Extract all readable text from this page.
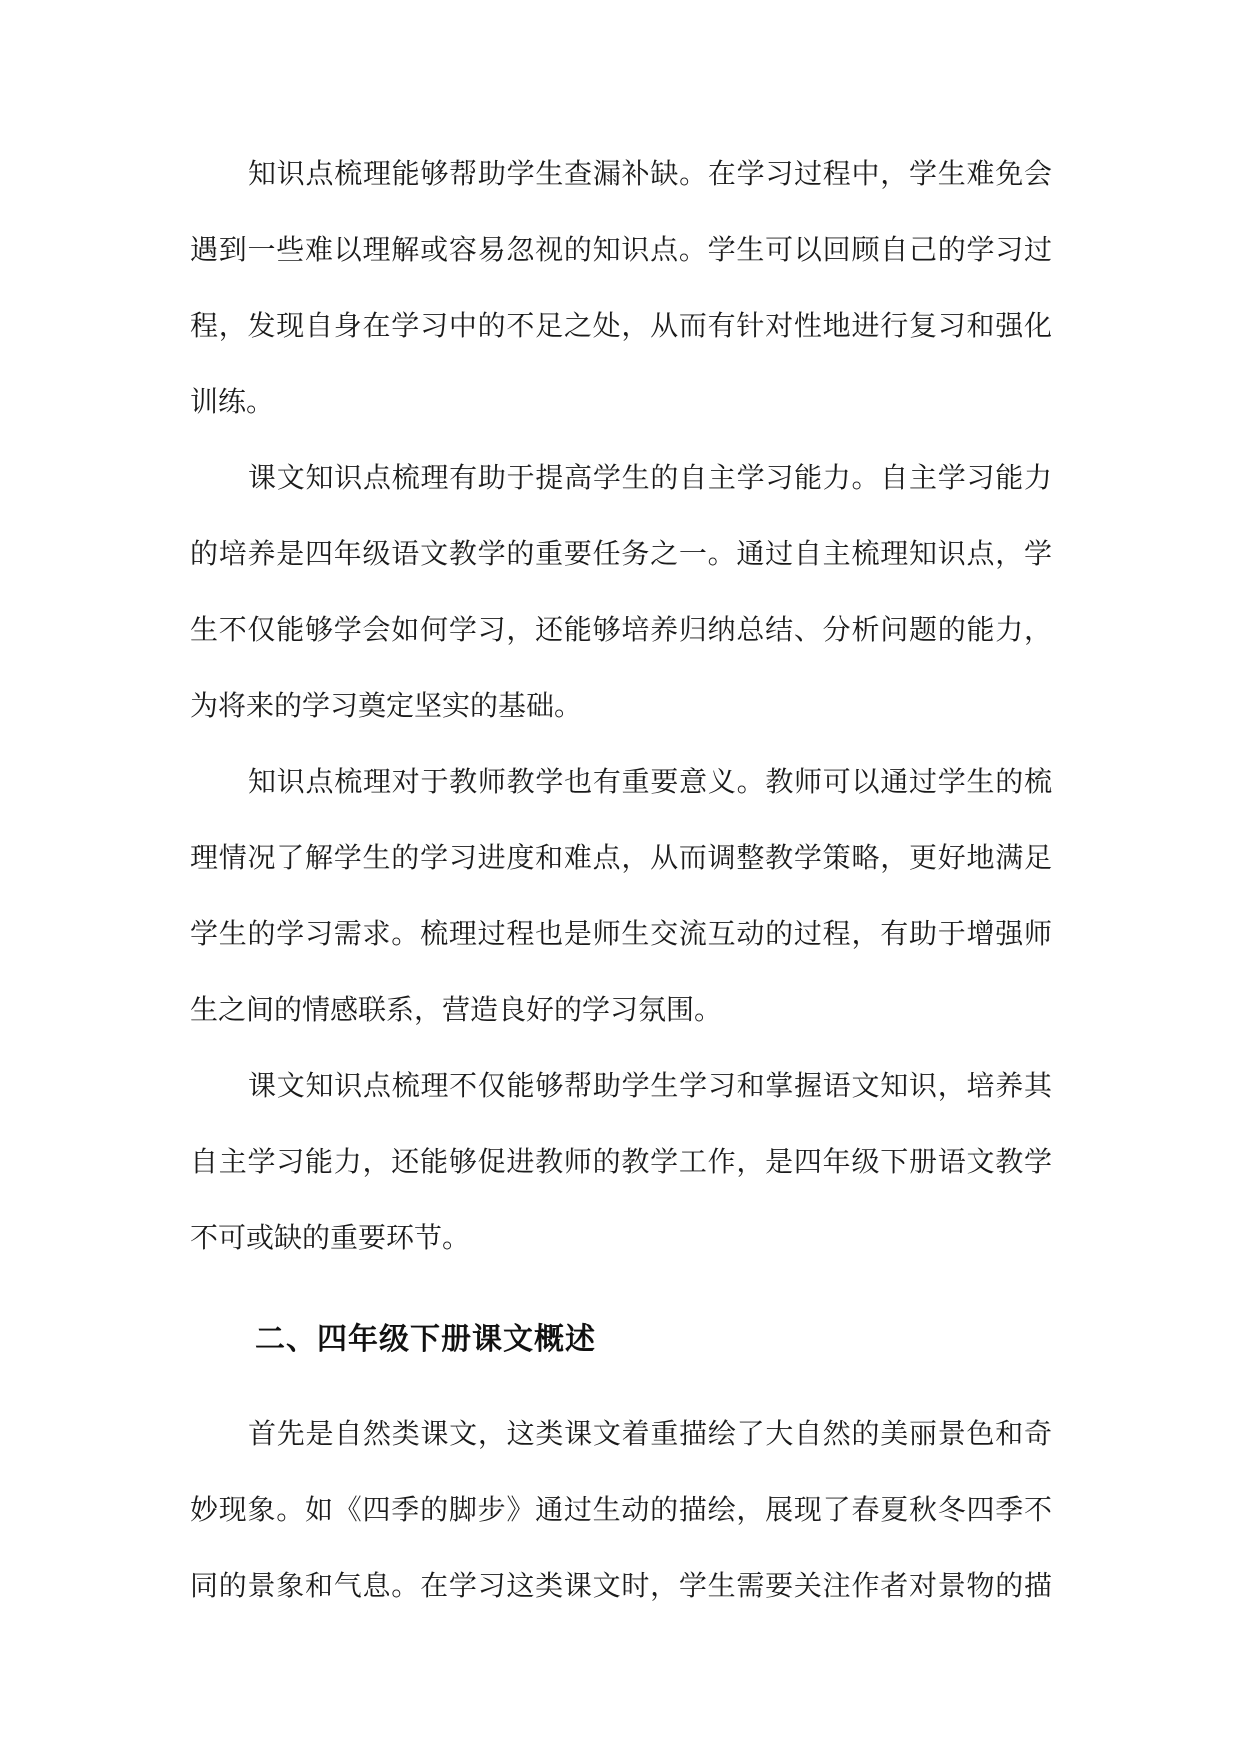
知识点梳理能够帮助学生查漏补缺。在学习过程中，学生难免会
遇到一些难以理解或容易忽视的知识点。学生可以回顾自己的学习过
程，发现自身在学习中的不足之处，从而有针对性地进行复习和强化
训练。
课文知识点梳理有助于提高学生的自主学习能力。自主学习能力
的培养是四年级语文教学的重要任务之一。通过自主梳理知识点，学
生不仅能够学会如何学习，还能够培养归纳总结、分析问题的能力，
为将来的学习奠定坚实的基础。
知识点梳理对于教师教学也有重要意义。教师可以通过学生的梳
理情况了解学生的学习进度和难点，从而调整教学策略，更好地满足
学生的学习需求。梳理过程也是师生交流互动的过程，有助于增强师
生之间的情感联系，营造良好的学习氛围。
课文知识点梳理不仅能够帮助学生学习和掌握语文知识，培养其
自主学习能力，还能够促进教师的教学工作，是四年级下册语文教学
不可或缺的重要环节。
首先是自然类课文，这类课文着重描绘了大自然的美丽景色和奇
妙现象。如《四季的脚步》通过生动的描绘，展现了春夏秋冬四季不
同的景象和气息。在学习这类课文时，学生需要关注作者对景物的描
二、四年级下册课文概述
